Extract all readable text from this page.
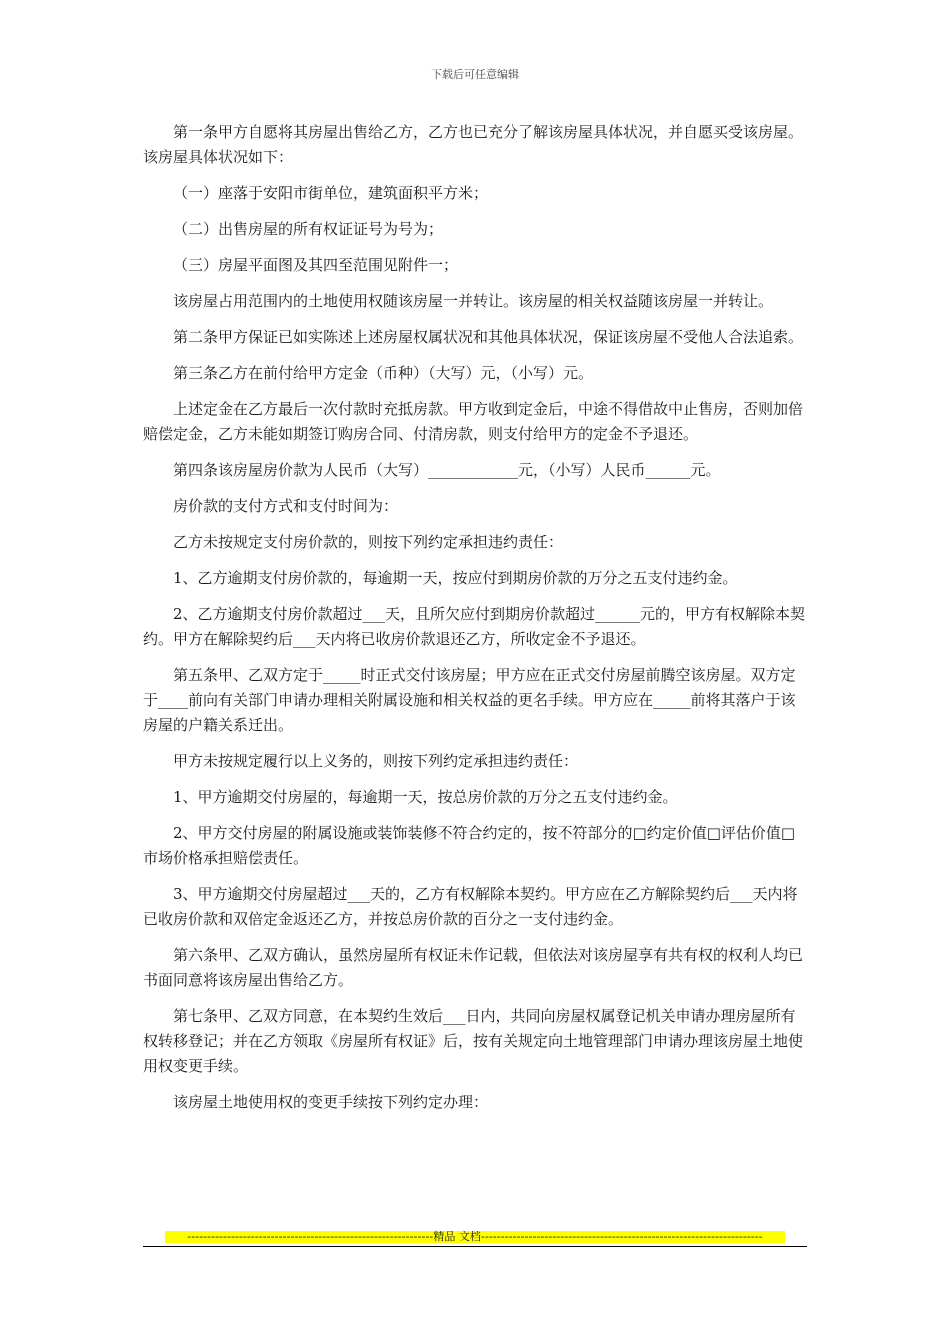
下载后可任意编辑

第一条甲方自愿将其房屋出售给乙方，乙方也已充分了解该房屋具体状况，并自愿买受该房屋。该房屋具体状况如下：

（一）座落于安阳市街单位，建筑面积平方米；

（二）出售房屋的所有权证证号为号为；

（三）房屋平面图及其四至范围见附件一；

该房屋占用范围内的土地使用权随该房屋一并转让。该房屋的相关权益随该房屋一并转让。

第二条甲方保证已如实陈述上述房屋权属状况和其他具体状况，保证该房屋不受他人合法追索。

第三条乙方在前付给甲方定金（币种）（大写）元，（小写）元。

上述定金在乙方最后一次付款时充抵房款。甲方收到定金后，中途不得借故中止售房，否则加倍赔偿定金，乙方未能如期签订购房合同、付清房款，则支付给甲方的定金不予退还。

第四条该房屋房价款为人民币（大写）____________元，（小写）人民币______元。

房价款的支付方式和支付时间为：

乙方未按规定支付房价款的，则按下列约定承担违约责任：

1、乙方逾期支付房价款的，每逾期一天，按应付到期房价款的万分之五支付违约金。

2、乙方逾期支付房价款超过___天，且所欠应付到期房价款超过______元的，甲方有权解除本契约。甲方在解除契约后___天内将已收房价款退还乙方，所收定金不予退还。

第五条甲、乙双方定于_____时正式交付该房屋；甲方应在正式交付房屋前腾空该房屋。双方定于____前向有关部门申请办理相关附属设施和相关权益的更名手续。甲方应在_____前将其落户于该房屋的户籍关系迁出。

甲方未按规定履行以上义务的，则按下列约定承担违约责任：

1、甲方逾期交付房屋的，每逾期一天，按总房价款的万分之五支付违约金。

2、甲方交付房屋的附属设施或装饰装修不符合约定的，按不符部分的□约定价值□评估价值□市场价格承担赔偿责任。

3、甲方逾期交付房屋超过___天的，乙方有权解除本契约。甲方应在乙方解除契约后___天内将已收房价款和双倍定金返还乙方，并按总房价款的百分之一支付违约金。

第六条甲、乙双方确认，虽然房屋所有权证未作记载，但依法对该房屋享有共有权的权利人均已书面同意将该房屋出售给乙方。

第七条甲、乙双方同意，在本契约生效后___日内，共同向房屋权属登记机关申请办理房屋所有权转移登记；并在乙方领取《房屋所有权证》后，按有关规定向土地管理部门申请办理该房屋土地使用权变更手续。

该房屋土地使用权的变更手续按下列约定办理：

--------------------------------------------------------------精品 文档-----------------------------------------------------------------------
